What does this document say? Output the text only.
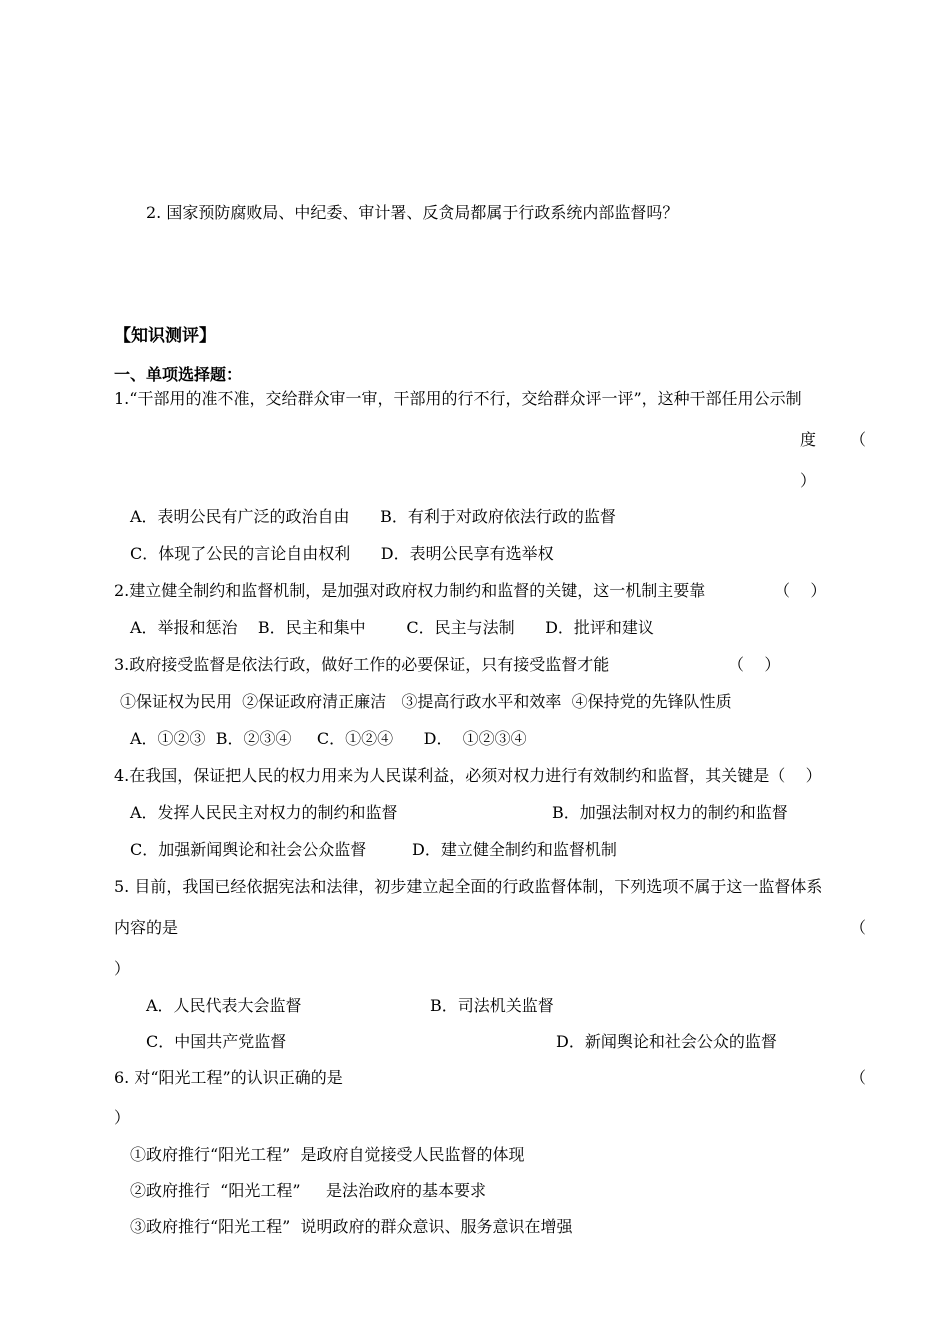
2. 国家预防腐败局、中纪委、审计署、反贪局都属于行政系统内部监督吗？
【知识测评】
一、单项选择题：
1.“干部用的准不准，交给群众审一审，干部用的行不行，交给群众评一评”，这种干部任用公示制
度 （
）
A．表明公民有广泛的政治自由      B．有利于对政府依法行政的监督
C．体现了公民的言论自由权利      D．表明公民享有选举权
2.建立健全制约和监督机制，是加强对政府权力制约和监督的关键，这一机制主要靠	（    ）
A．举报和惩治    B．民主和集中        C．民主与法制      D．批评和建议
3.政府接受监督是依法行政，做好工作的必要保证，只有接受监督才能	（    ）
①保证权为民用  ②保证政府清正廉洁   ③提高行政水平和效率  ④保持党的先锋队性质
A．①②③  B．②③④     C．①②④      D．  ①②③④
4.在我国，保证把人民的权力用来为人民谋利益，必须对权力进行有效制约和监督，其关键是（    ）
A．发挥人民民主对权力的制约和监督	B．加强法制对权力的制约和监督
C．加强新闻舆论和社会公众监督         D．建立健全制约和监督机制
5. 目前，我国已经依据宪法和法律，初步建立起全面的行政监督体制，下列选项不属于这一监督体系
内容的是	（
）
A．人民代表大会监督	B．司法机关监督
C．中国共产党监督	D．新闻舆论和社会公众的监督
6. 对“阳光工程”的认识正确的是	（
）
①政府推行“阳光工程”  是政府自觉接受人民监督的体现
②政府推行  “阳光工程”     是法治政府的基本要求
③政府推行“阳光工程”  说明政府的群众意识、服务意识在增强
